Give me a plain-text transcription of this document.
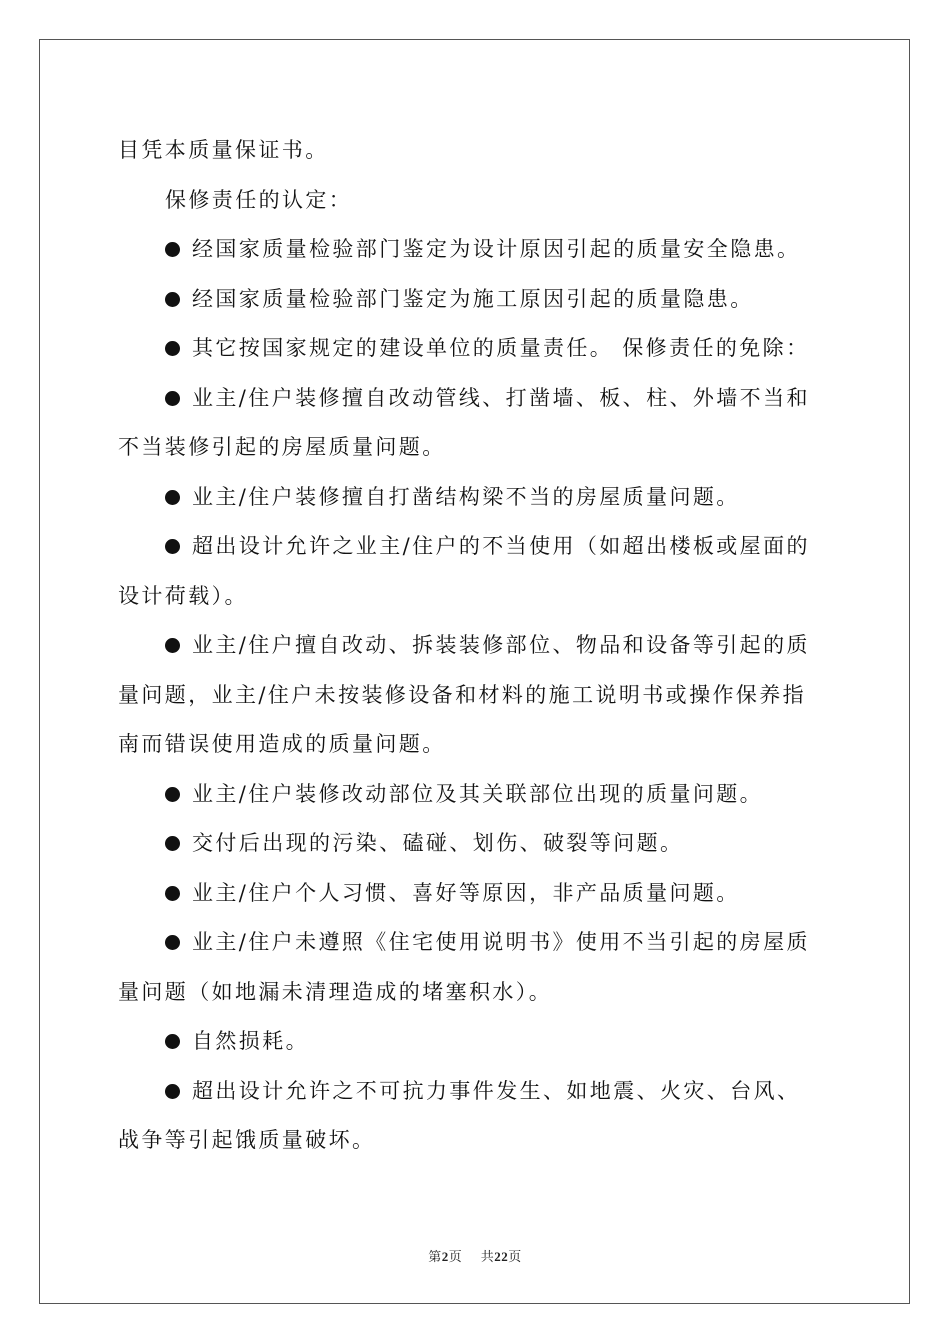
目凭本质量保证书。
保修责任的认定：
经国家质量检验部门鉴定为设计原因引起的质量安全隐患。
经国家质量检验部门鉴定为施工原因引起的质量隐患。
其它按国家规定的建设单位的质量责任。 保修责任的免除：
业主/住户装修擅自改动管线、打凿墙、板、柱、外墙不当和
不当装修引起的房屋质量问题。
业主/住户装修擅自打凿结构梁不当的房屋质量问题。
超出设计允许之业主/住户的不当使用（如超出楼板或屋面的
设计荷载）。
业主/住户擅自改动、拆装装修部位、物品和设备等引起的质
量问题，业主/住户未按装修设备和材料的施工说明书或操作保养指
南而错误使用造成的质量问题。
业主/住户装修改动部位及其关联部位出现的质量问题。
交付后出现的污染、磕碰、划伤、破裂等问题。
业主/住户个人习惯、喜好等原因，非产品质量问题。
业主/住户未遵照《住宅使用说明书》使用不当引起的房屋质
量问题（如地漏未清理造成的堵塞积水）。
自然损耗。
超出设计允许之不可抗力事件发生、如地震、火灾、台风、
战争等引起饿质量破坏。
第2页 共22页
